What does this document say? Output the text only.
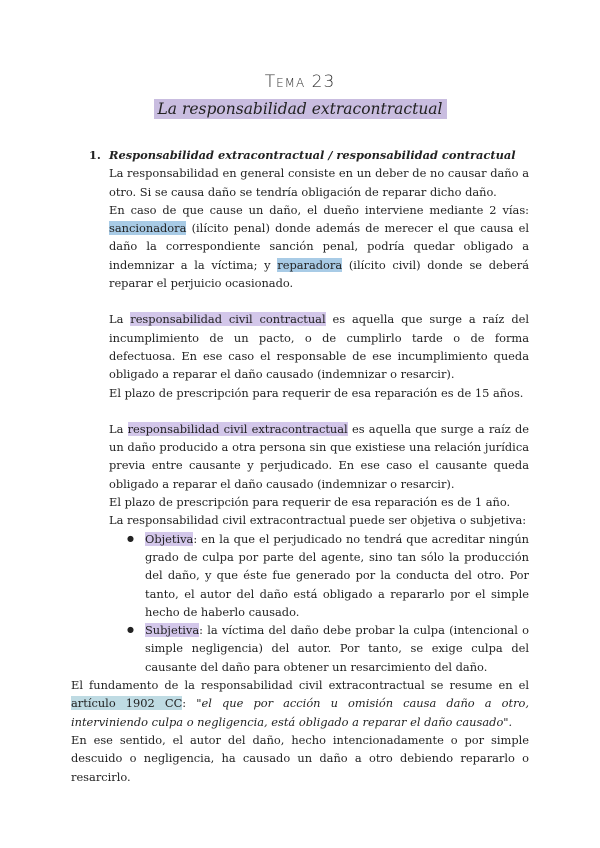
Tema 23
La responsabilidad extracontractual
1. Responsabilidad extracontractual / responsabilidad contractual
La responsabilidad en general consiste en un deber de no causar daño a otro. Si se causa daño se tendría obligación de reparar dicho daño.
En caso de que cause un daño, el dueño interviene mediante 2 vías: sancionadora (ilícito penal) donde además de merecer el que causa el daño la correspondiente sanción penal, podría quedar obligado a indemnizar a la víctima; y reparadora (ilícito civil) donde se deberá reparar el perjuicio ocasionado.
La responsabilidad civil contractual es aquella que surge a raíz del incumplimiento de un pacto, o de cumplirlo tarde o de forma defectuosa. En ese caso el responsable de ese incumplimiento queda obligado a reparar el daño causado (indemnizar o resarcir).
El plazo de prescripción para requerir de esa reparación es de 15 años.
La responsabilidad civil extracontractual es aquella que surge a raíz de un daño producido a otra persona sin que existiese una relación jurídica previa entre causante y perjudicado. En ese caso el causante queda obligado a reparar el daño causado (indemnizar o resarcir).
El plazo de prescripción para requerir de esa reparación es de 1 año.
La responsabilidad civil extracontractual puede ser objetiva o subjetiva:
● Objetiva: en la que el perjudicado no tendrá que acreditar ningún grado de culpa por parte del agente, sino tan sólo la producción del daño, y que éste fue generado por la conducta del otro. Por tanto, el autor del daño está obligado a repararlo por el simple hecho de haberlo causado.
● Subjetiva: la víctima del daño debe probar la culpa (intencional o simple negligencia) del autor. Por tanto, se exige culpa del causante del daño para obtener un resarcimiento del daño.
El fundamento de la responsabilidad civil extracontractual se resume en el artículo 1902 CC: "el que por acción u omisión causa daño a otro, interviniendo culpa o negligencia, está obligado a reparar el daño causado".
En ese sentido, el autor del daño, hecho intencionadamente o por simple descuido o negligencia, ha causado un daño a otro debiendo repararlo o resarcirlo.
